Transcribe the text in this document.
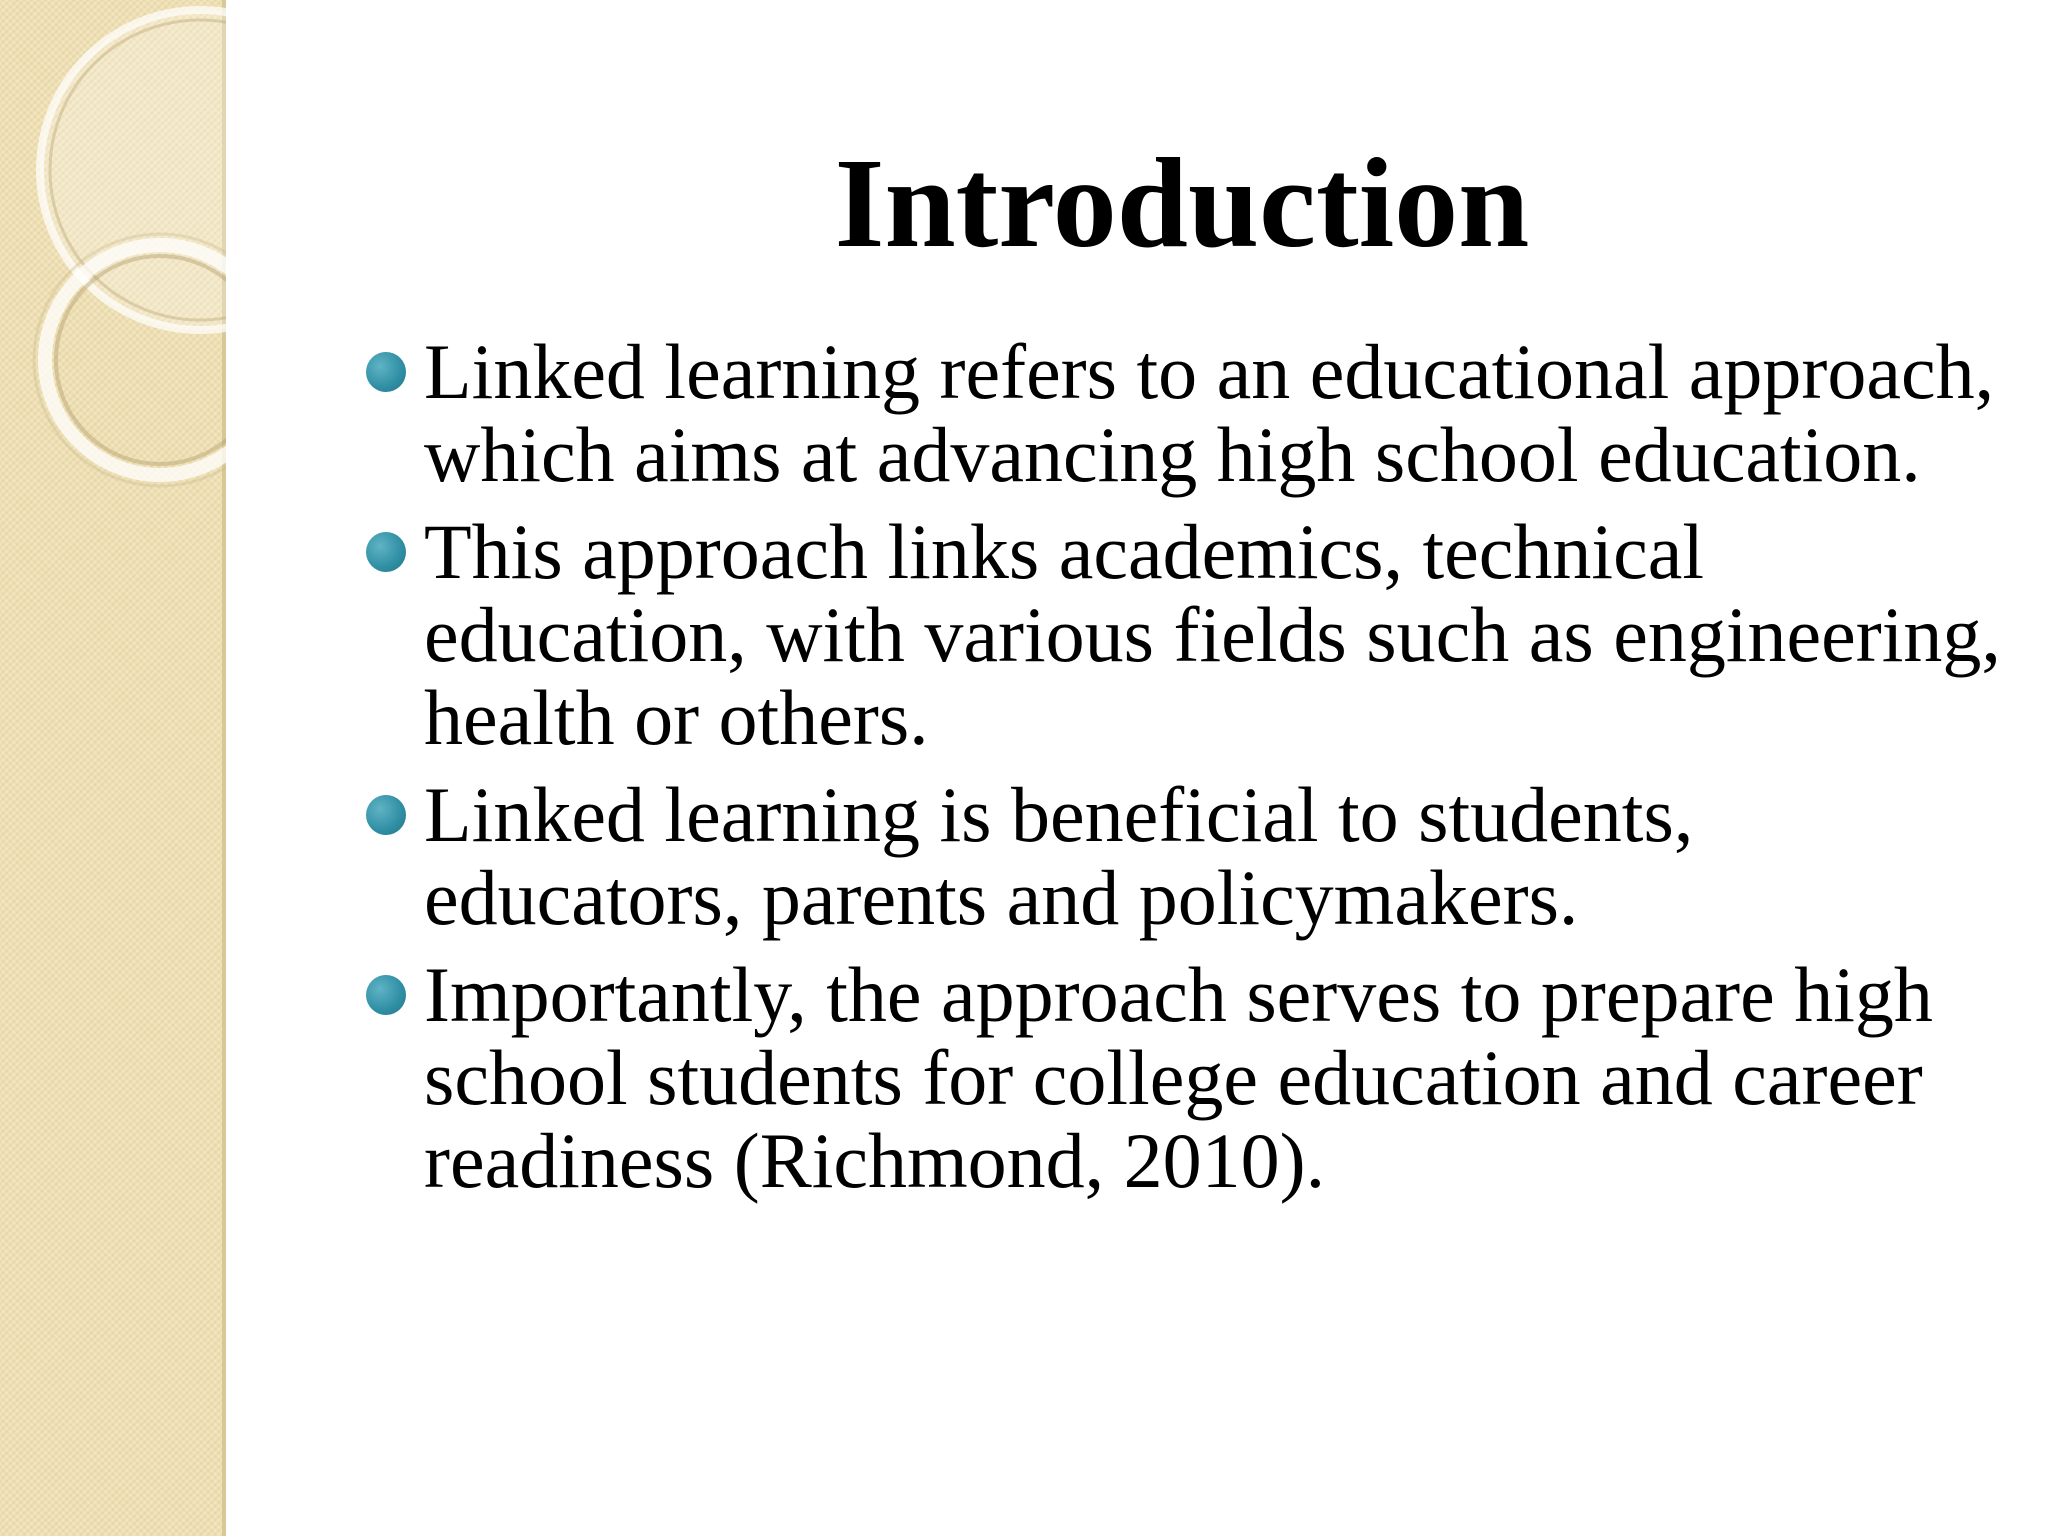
Introduction
Linked learning refers to an educational approach, which aims at advancing high school education.
This approach links academics, technical education, with various fields such as engineering, health or others.
Linked learning is beneficial to students, educators, parents and policymakers.
Importantly, the approach serves to prepare high school students for college education and career readiness (Richmond, 2010).
